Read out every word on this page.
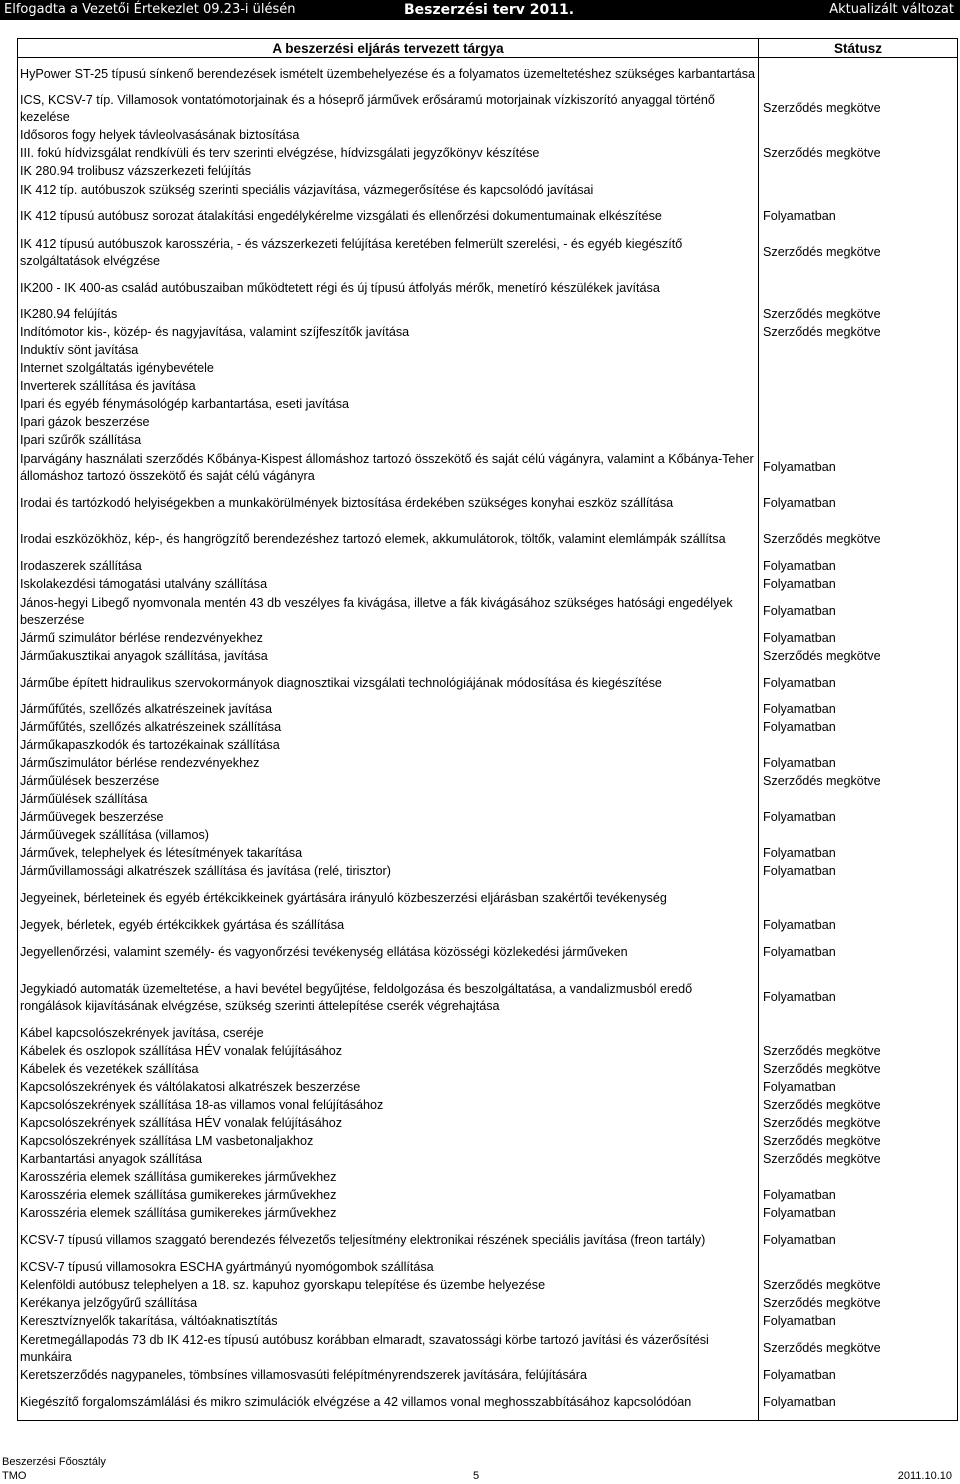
Elfogadta a Vezetői Értekezlet 09.23-i ülésén	Beszerzési terv 2011.	Aktualizált változat
A beszerzési eljárás tervezett tárgya	Státusz
HyPower ST-25 típusú sínkenő berendezések ismételt üzembehelyezése és a folyamatos üzemeltetéshez szükséges karbantartása	
ICS, KCSV-7 típ. Villamosok vontatómotorjainak és a hóseprő járművek erősáramú motorjainak vízkiszorító anyaggal történő kezelése	Szerződés megkötve
Idősoros fogy helyek távleolvasásának biztosítása	
III. fokú hídvizsgálat rendkívüli és terv szerinti elvégzése, hídvizsgálati jegyzőkönyv készítése	Szerződés megkötve
IK 280.94 trolibusz vázszerkezeti felújítás	
IK 412 típ. autóbuszok szükség szerinti speciális vázjavítása, vázmegerősítése és kapcsolódó javításai	
IK 412 típusú autóbusz sorozat átalakítási engedélykérelme vizsgálati és ellenőrzési dokumentumainak elkészítése	Folyamatban
IK 412 típusú autóbuszok karosszéria, - és vázszerkezeti felújítása keretében felmerült szerelési, - és egyéb kiegészítő szolgáltatások elvégzése	Szerződés megkötve
IK200 - IK 400-as család autóbuszaiban működtetett régi és új típusú átfolyás mérők, menetíró készülékek javítása	
IK280.94 felújítás	Szerződés megkötve
Indítómotor kis-, közép- és nagyjavítása, valamint szíjfeszítők javítása	Szerződés megkötve
Induktív sönt javítása	
Internet szolgáltatás igénybevétele	
Inverterek szállítása és javítása	
Ipari és egyéb fénymásológép karbantartása, eseti javítása	
Ipari gázok beszerzése	
Ipari szűrők szállítása	
Iparvágány használati szerződés Kőbánya-Kispest állomáshoz tartozó összekötő és saját célú vágányra, valamint a Kőbánya-Teher állomáshoz tartozó összekötő és saját célú vágányra	Folyamatban
Irodai és tartózkodó helyiségekben a munkakörülmények biztosítása érdekében szükséges konyhai eszköz szállítása	Folyamatban
Irodai eszközökhöz, kép-, és hangrögzítő berendezéshez tartozó elemek, akkumulátorok, töltők, valamint elemlámpák szállítsa	Szerződés megkötve
Irodaszerek szállítása	Folyamatban
Iskolakezdési támogatási utalvány szállítása	Folyamatban
János-hegyi Libegő nyomvonala mentén 43 db veszélyes fa kivágása, illetve a fák kivágásához szükséges hatósági engedélyek beszerzése	Folyamatban
Jármű szimulátor bérlése rendezvényekhez	Folyamatban
Járműakusztikai anyagok szállítása, javítása	Szerződés megkötve
Járműbe épített hidraulikus szervokormányok diagnosztikai vizsgálati technológiájának módosítása és kiegészítése	Folyamatban
Járműfűtés, szellőzés alkatrészeinek javítása	Folyamatban
Járműfűtés, szellőzés alkatrészeinek szállítása	Folyamatban
Járműkapaszkodók és tartozékainak szállítása	
Járműszimulátor bérlése rendezvényekhez	Folyamatban
Járműülések beszerzése	Szerződés megkötve
Járműülések szállítása	
Járműüvegek beszerzése	Folyamatban
Járműüvegek szállítása (villamos)	
Járművek, telephelyek és létesítmények takarítása	Folyamatban
Járművillamossági alkatrészek szállítása és javítása (relé, tirisztor)	Folyamatban
Jegyeinek, bérleteinek és egyéb értékcikkeinek gyártására irányuló közbeszerzési eljárásban szakértői tevékenység	
Jegyek, bérletek, egyéb értékcikkek gyártása és szállítása	Folyamatban
Jegyellenőrzési, valamint személy- és vagyonőrzési tevékenység ellátása közösségi közlekedési járműveken	Folyamatban
Jegykiadó automaták üzemeltetése, a havi bevétel begyűjtése, feldolgozása és beszolgáltatása, a vandalizmusból eredő rongálások kijavításának elvégzése, szükség szerinti áttelepítése cserék végrehajtása	Folyamatban
Kábel kapcsolószekrények javítása, cseréje	
Kábelek és oszlopok szállítása HÉV vonalak felújításához	Szerződés megkötve
Kábelek és vezetékek szállítása	Szerződés megkötve
Kapcsolószekrények és váltólakatosi alkatrészek beszerzése	Folyamatban
Kapcsolószekrények szállítása 18-as villamos vonal felújításához	Szerződés megkötve
Kapcsolószekrények szállítása HÉV vonalak felújításához	Szerződés megkötve
Kapcsolószekrények szállítása LM vasbetonaljakhoz	Szerződés megkötve
Karbantartási anyagok szállítása	Szerződés megkötve
Karosszéria elemek szállítása gumikerekes járművekhez	
Karosszéria elemek szállítása gumikerekes járművekhez	Folyamatban
Karosszéria elemek szállítása gumikerekes járművekhez	Folyamatban
KCSV-7 típusú villamos szaggató berendezés félvezetős teljesítmény elektronikai részének speciális javítása (freon tartály)	Folyamatban
KCSV-7 típusú villamosokra ESCHA gyártmányú nyomógombok szállítása	
Kelenföldi autóbusz telephelyen a 18. sz. kapuhoz gyorskapu telepítése és üzembe helyezése	Szerződés megkötve
Kerékanya jelzőgyűrű szállítása	Szerződés megkötve
Keresztvíznyelők takarítása, váltóaknatisztítás	Folyamatban
Keretmegállapodás 73 db IK 412-es típusú autóbusz korábban elmaradt, szavatossági körbe tartozó javítási és vázerősítési munkáira	Szerződés megkötve
Keretszerződés nagypaneles, tömbsínes villamosvasúti felépítményrendszerek javítására, felújítására	Folyamatban
Kiegészítő forgalomszámlálási és mikro szimulációk elvégzése a 42 villamos vonal meghosszabbításához kapcsolódóan	Folyamatban
Beszerzési Főosztály
TMO	5	2011.10.10
